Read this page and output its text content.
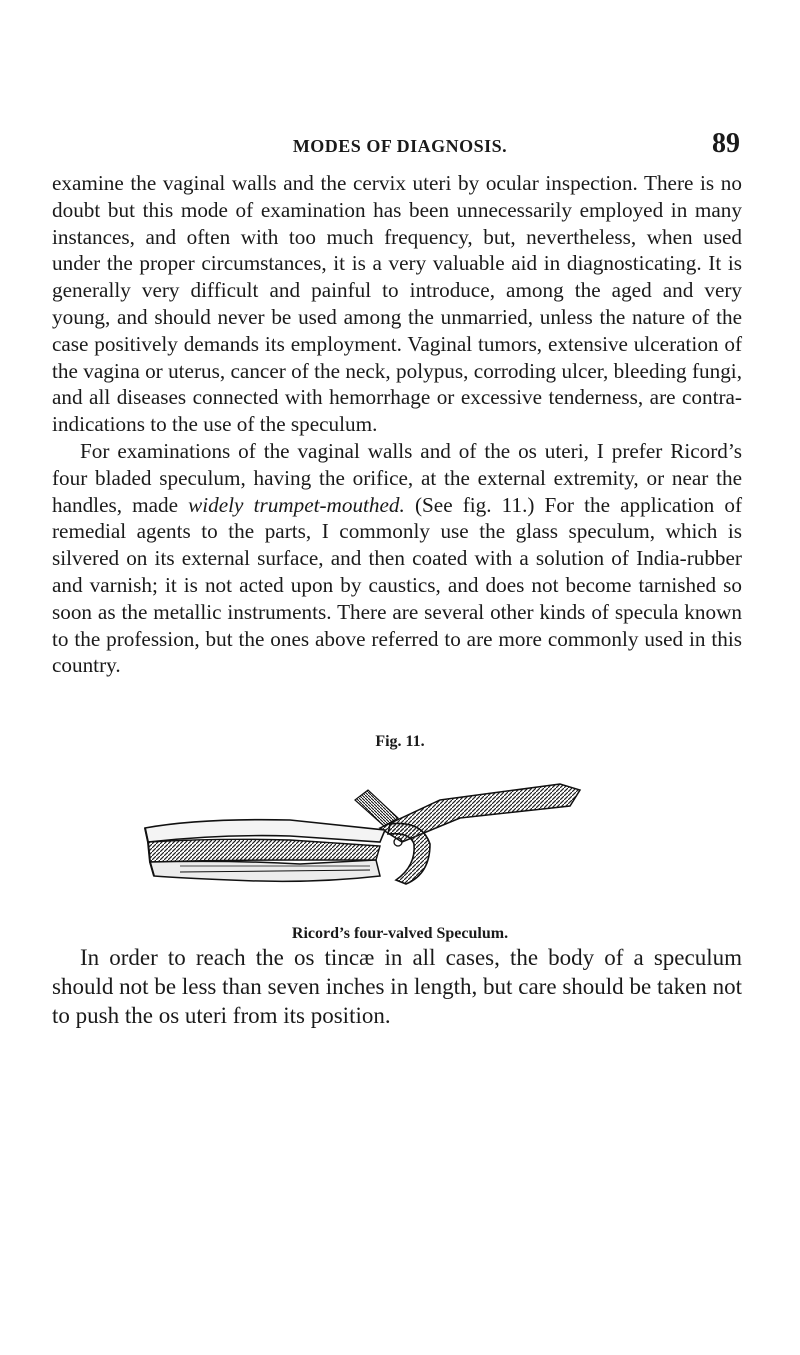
MODES OF DIAGNOSIS.	89

examine the vaginal walls and the cervix uteri by ocular inspection. There is no doubt but this mode of examination has been unnecessarily employed in many instances, and often with too much frequency, but, nevertheless, when used under the proper circumstances, it is a very valuable aid in diagnosticating. It is generally very difficult and painful to introduce, among the aged and very young, and should never be used among the unmarried, unless the nature of the case positively demands its employment. Vaginal tumors, extensive ulceration of the vagina or uterus, cancer of the neck, polypus, corroding ulcer, bleeding fungi, and all diseases connected with hemorrhage or excessive tenderness, are contra-indications to the use of the speculum.

For examinations of the vaginal walls and of the os uteri, I prefer Ricord’s four bladed speculum, having the orifice, at the external extremity, or near the handles, made widely trumpet-mouthed. (See fig. 11.) For the application of remedial agents to the parts, I commonly use the glass speculum, which is silvered on its external surface, and then coated with a solution of India-rubber and varnish; it is not acted upon by caustics, and does not become tarnished so soon as the metallic instruments. There are several other kinds of specula known to the profession, but the ones above referred to are more commonly used in this country.

Fig. 11.
Ricord’s four-valved Speculum.

In order to reach the os tincæ in all cases, the body of a speculum should not be less than seven inches in length, but care should be taken not to push the os uteri from its position.
